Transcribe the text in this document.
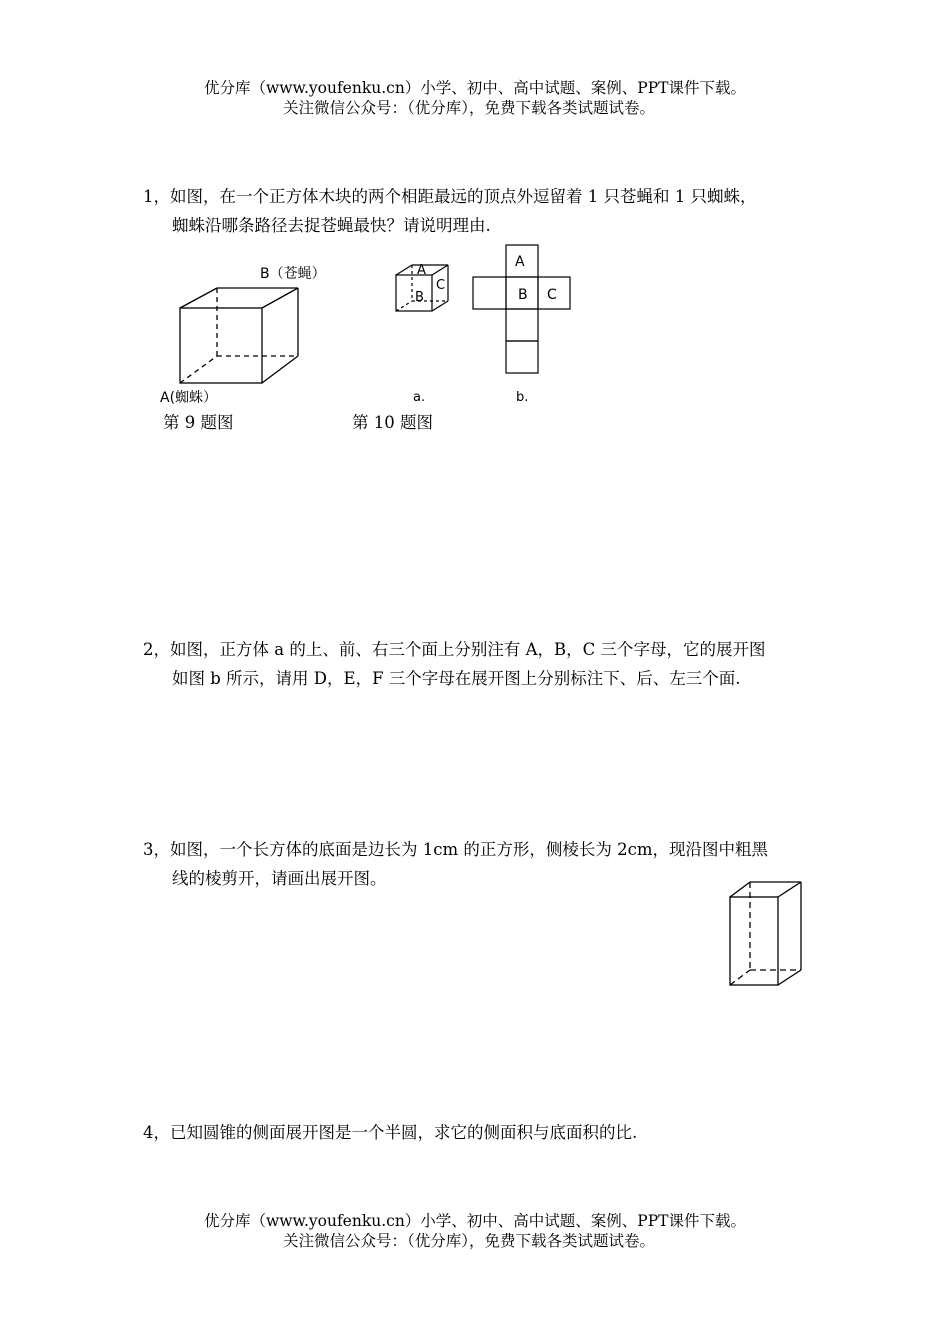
优分库（www.youfenku.cn）小学、初中、高中试题、案例、PPT课件下载。
关注微信公众号：（优分库），免费下载各类试题试卷。
1，如图，在一个正方体木块的两个相距最远的顶点外逗留着 1 只苍蝇和 1 只蜘蛛，
蜘蛛沿哪条路径去捉苍蝇最快？请说明理由.
B（苍蝇）
A(蜘蛛）
第 9 题图
A
B
C
a.
A
B C
b.
第 10 题图
2，如图，正方体 a 的上、前、右三个面上分别注有 A，B，C 三个字母，它的展开图
如图 b 所示，请用 D，E，F 三个字母在展开图上分别标注下、后、左三个面.
3，如图，一个长方体的底面是边长为 1cm 的正方形，侧棱长为 2cm，现沿图中粗黑
线的棱剪开，请画出展开图。
4，已知圆锥的侧面展开图是一个半圆，求它的侧面积与底面积的比.
优分库（www.youfenku.cn）小学、初中、高中试题、案例、PPT课件下载。
关注微信公众号：（优分库），免费下载各类试题试卷。
